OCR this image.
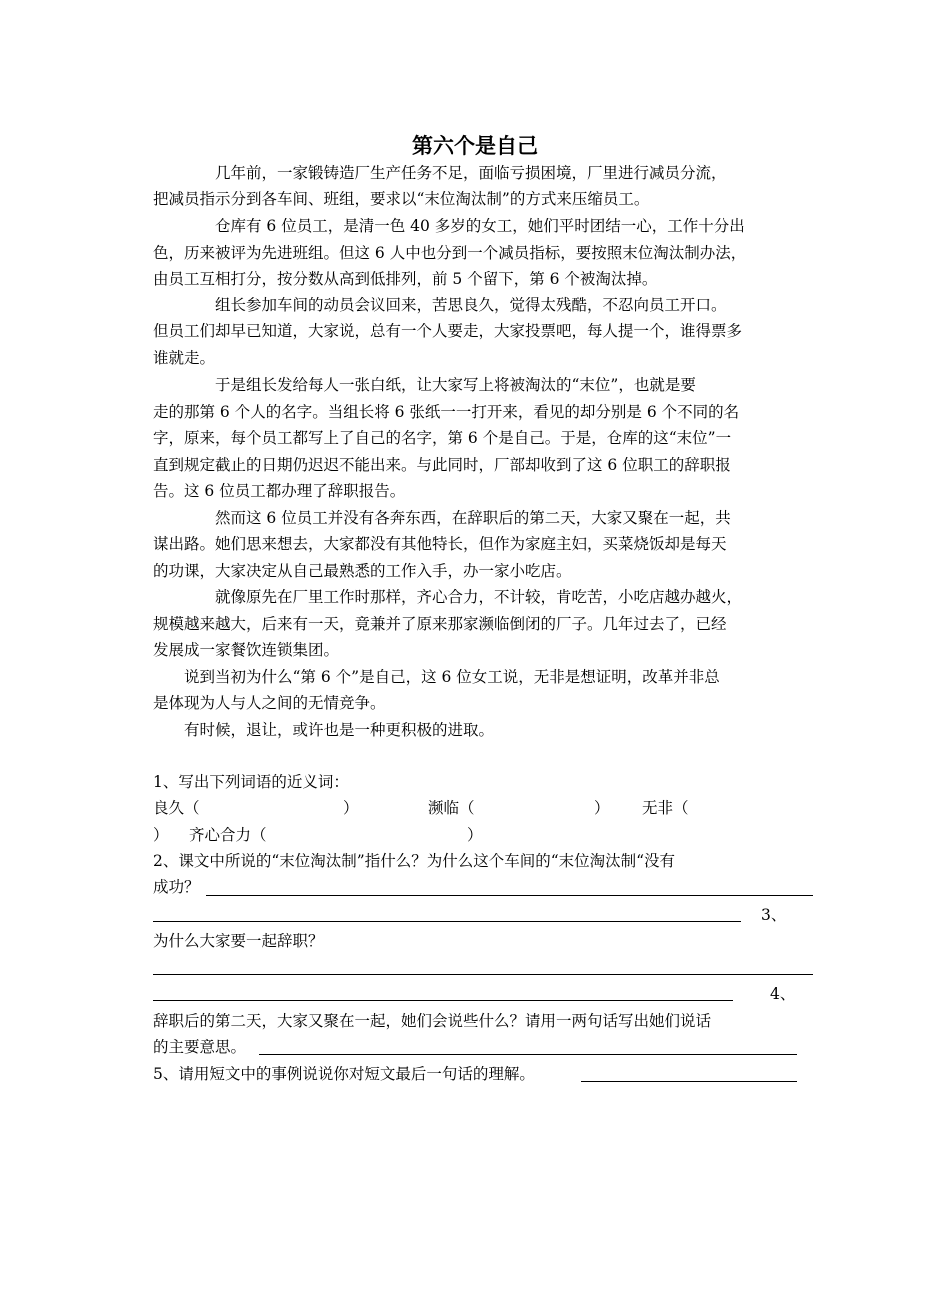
第六个是自己
　　　　几年前，一家锻铸造厂生产任务不足，面临亏损困境，厂里进行减员分流，
把减员指示分到各车间、班组，要求以“末位淘汰制”的方式来压缩员工。
　　　　仓库有 6 位员工，是清一色 40 多岁的女工，她们平时团结一心，工作十分出
色，历来被评为先进班组。但这 6 人中也分到一个减员指标，要按照末位淘汰制办法，
由员工互相打分，按分数从高到低排列，前 5 个留下，第 6 个被淘汰掉。
　　　　组长参加车间的动员会议回来，苦思良久，觉得太残酷，不忍向员工开口。
但员工们却早已知道，大家说，总有一个人要走，大家投票吧，每人提一个，谁得票多
谁就走。
　　　　于是组长发给每人一张白纸，让大家写上将被淘汰的“末位”，也就是要
走的那第 6 个人的名字。当组长将 6 张纸一一打开来，看见的却分别是 6 个不同的名
字，原来，每个员工都写上了自己的名字，第 6 个是自己。于是，仓库的这“末位”一
直到规定截止的日期仍迟迟不能出来。与此同时，厂部却收到了这 6 位职工的辞职报
告。这 6 位员工都办理了辞职报告。
　　　　然而这 6 位员工并没有各奔东西，在辞职后的第二天，大家又聚在一起，共
谋出路。她们思来想去，大家都没有其他特长，但作为家庭主妇，买菜烧饭却是每天
的功课，大家决定从自己最熟悉的工作入手，办一家小吃店。
　　　　就像原先在厂里工作时那样，齐心合力，不计较，肯吃苦，小吃店越办越火，
规模越来越大，后来有一天，竟兼并了原来那家濒临倒闭的厂子。几年过去了，已经
发展成一家餐饮连锁集团。
　　说到当初为什么“第 6 个”是自己，这 6 位女工说，无非是想证明，改革并非总
是体现为人与人之间的无情竞争。
　　有时候，退让，或许也是一种更积极的进取。
1、写出下列词语的近义词：
良久（	）	濒临（	） 无非（
） 齐心合力（	）
2、课文中所说的“末位淘汰制”指什么？为什么这个车间的“末位淘汰制“没有
成功？
3、
为什么大家要一起辞职？
4、
辞职后的第二天，大家又聚在一起，她们会说些什么？请用一两句话写出她们说话
的主要意思。
5、请用短文中的事例说说你对短文最后一句话的理解。
